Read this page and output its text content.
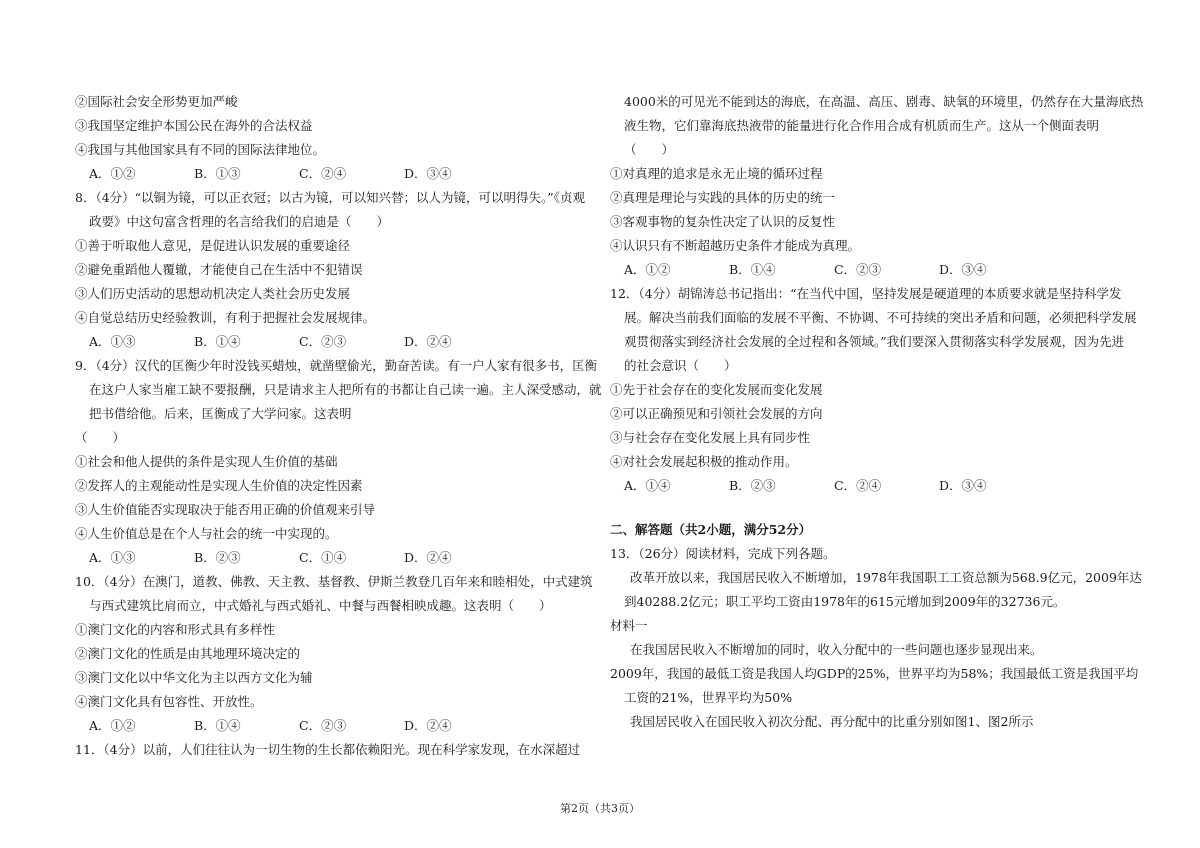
②国际社会安全形势更加严峻
③我国坚定维护本国公民在海外的合法权益
④我国与其他国家具有不同的国际法律地位。
A．①②	B．①③	C．②④	D．③④
8．（4分）“以铜为镜，可以正衣冠；以古为镜，可以知兴替；以人为镜，可以明得失。”《贞观
政要》中这句富含哲理的名言给我们的启迪是（　　）
①善于听取他人意见，是促进认识发展的重要途径
②避免重蹈他人覆辙，才能使自己在生活中不犯错误
③人们历史活动的思想动机决定人类社会历史发展
④自觉总结历史经验教训，有利于把握社会发展规律。
A．①③	B．①④	C．②③	D．②④
9．（4分）汉代的匡衡少年时没钱买蜡烛，就凿壁偷光，勤奋苦读。有一户人家有很多书，匡衡
在这户人家当雇工缺不要报酬，只是请求主人把所有的书都让自己读一遍。主人深受感动，就
把书借给他。后来，匡衡成了大学问家。这表明
（　　）
①社会和他人提供的条件是实现人生价值的基础
②发挥人的主观能动性是实现人生价值的决定性因素
③人生价值能否实现取决于能否用正确的价值观来引导
④人生价值总是在个人与社会的统一中实现的。
A．①③	B．②③	C．①④	D．②④
10．（4分）在澳门，道教、佛教、天主教、基督教、伊斯兰教登几百年来和睦相处，中式建筑
与西式建筑比肩而立，中式婚礼与西式婚礼、中餐与西餐相映成趣。这表明（　　）
①澳门文化的内容和形式具有多样性
②澳门文化的性质是由其地理环境决定的
③澳门文化以中华文化为主以西方文化为辅
④澳门文化具有包容性、开放性。
A．①②	B．①④	C．②③	D．②④
11．（4分）以前，人们往往认为一切生物的生长都依赖阳光。现在科学家发现，在水深超过
4000米的可见光不能到达的海底，在高温、高压、剧毒、缺氧的环境里，仍然存在大量海底热
液生物，它们靠海底热液带的能量进行化合作用合成有机质而生产。这从一个侧面表明
（　　）
①对真理的追求是永无止境的循环过程
②真理是理论与实践的具体的历史的统一
③客观事物的复杂性决定了认识的反复性
④认识只有不断超越历史条件才能成为真理。
A．①②	B．①④	C．②③	D．③④
12．（4分）胡锦涛总书记指出：“在当代中国，坚持发展是硬道理的本质要求就是坚持科学发
展。解决当前我们面临的发展不平衡、不协调、不可持续的突出矛盾和问题，必须把科学发展
观贯彻落实到经济社会发展的全过程和各领域。”我们要深入贯彻落实科学发展观，因为先进
的社会意识（　　）
①先于社会存在的变化发展而变化发展
②可以正确预见和引领社会发展的方向
③与社会存在变化发展上具有同步性
④对社会发展起积极的推动作用。
A．①④	B．②③	C．②④	D．③④
二、解答题（共2小题，满分52分）
13．（26分）阅读材料，完成下列各题。
改革开放以来，我国居民收入不断增加，1978年我国职工工资总额为568.9亿元，2009年达
到40288.2亿元；职工平均工资由1978年的615元增加到2009年的32736元。
材料一
在我国居民收入不断增加的同时，收入分配中的一些问题也逐步显现出来。
2009年，我国的最低工资是我国人均GDP的25%，世界平均为58%；我国最低工资是我国平均
工资的21%，世界平均为50%
我国居民收入在国民收入初次分配、再分配中的比重分别如图1、图2所示
第2页（共3页）
